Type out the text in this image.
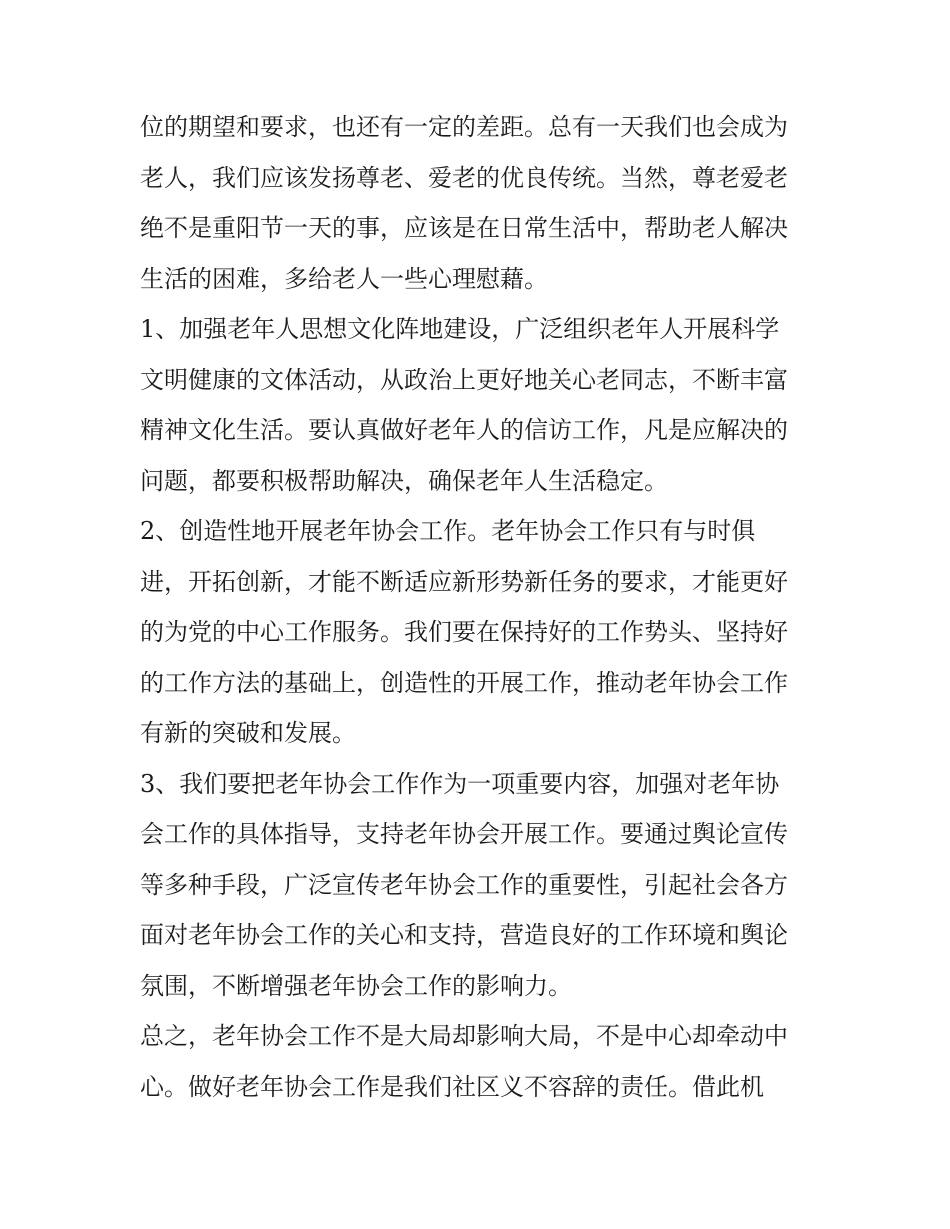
位的期望和要求，也还有一定的差距。总有一天我们也会成为
老人，我们应该发扬尊老、爱老的优良传统。当然，尊老爱老
绝不是重阳节一天的事，应该是在日常生活中，帮助老人解决
生活的困难，多给老人一些心理慰藉。
1、加强老年人思想文化阵地建设，广泛组织老年人开展科学
文明健康的文体活动，从政治上更好地关心老同志，不断丰富
精神文化生活。要认真做好老年人的信访工作，凡是应解决的
问题，都要积极帮助解决，确保老年人生活稳定。
2、创造性地开展老年协会工作。老年协会工作只有与时俱
进，开拓创新，才能不断适应新形势新任务的要求，才能更好
的为党的中心工作服务。我们要在保持好的工作势头、坚持好
的工作方法的基础上，创造性的开展工作，推动老年协会工作
有新的突破和发展。
3、我们要把老年协会工作作为一项重要内容，加强对老年协
会工作的具体指导，支持老年协会开展工作。要通过舆论宣传
等多种手段，广泛宣传老年协会工作的重要性，引起社会各方
面对老年协会工作的关心和支持，营造良好的工作环境和舆论
氛围，不断增强老年协会工作的影响力。
总之，老年协会工作不是大局却影响大局，不是中心却牵动中
心。做好老年协会工作是我们社区义不容辞的责任。借此机
